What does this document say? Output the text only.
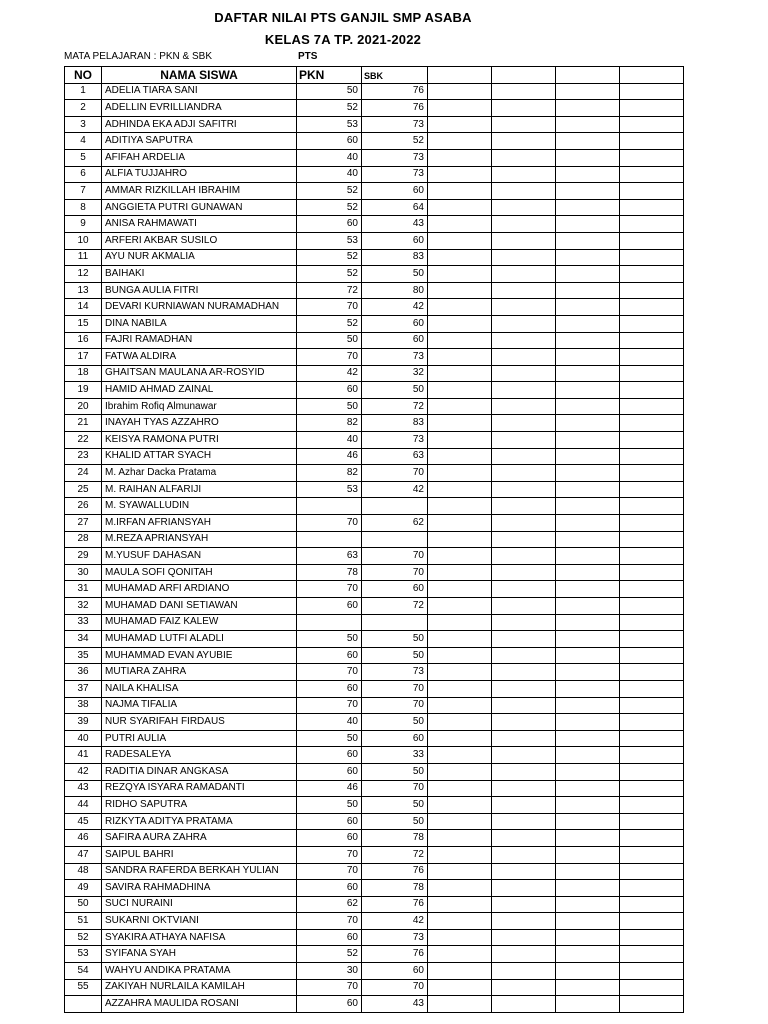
DAFTAR NILAI PTS GANJIL SMP ASABA
KELAS 7A TP. 2021-2022
MATA PELAJARAN : PKN & SBK	PTS
NO	NAMA SISWA	PKN	SBK				
1	ADELIA TIARA SANI	50	76				
2	ADELLIN EVRILLIANDRA	52	76				
3	ADHINDA EKA ADJI SAFITRI	53	73				
4	ADITIYA SAPUTRA	60	52				
5	AFIFAH ARDELIA	40	73				
6	ALFIA TUJJAHRO	40	73				
7	AMMAR RIZKILLAH IBRAHIM	52	60				
8	ANGGIETA PUTRI GUNAWAN	52	64				
9	ANISA RAHMAWATI	60	43				
10	ARFERI AKBAR SUSILO	53	60				
11	AYU NUR AKMALIA	52	83				
12	BAIHAKI	52	50				
13	BUNGA AULIA FITRI	72	80				
14	DEVARI KURNIAWAN NURAMADHAN	70	42				
15	DINA NABILA	52	60				
16	FAJRI RAMADHAN	50	60				
17	FATWA ALDIRA	70	73				
18	GHAITSAN MAULANA AR-ROSYID	42	32				
19	HAMID AHMAD ZAINAL	60	50				
20	Ibrahim Rofiq Almunawar	50	72				
21	INAYAH TYAS AZZAHRO	82	83				
22	KEISYA RAMONA PUTRI	40	73				
23	KHALID ATTAR SYACH	46	63				
24	M. Azhar Dacka Pratama	82	70				
25	M. RAIHAN ALFARIJI	53	42				
26	M. SYAWALLUDIN						
27	M.IRFAN AFRIANSYAH	70	62				
28	M.REZA APRIANSYAH						
29	M.YUSUF DAHASAN	63	70				
30	MAULA SOFI QONITAH	78	70				
31	MUHAMAD ARFI ARDIANO	70	60				
32	MUHAMAD DANI SETIAWAN	60	72				
33	MUHAMAD FAIZ KALEW						
34	MUHAMAD LUTFI ALADLI	50	50				
35	MUHAMMAD EVAN AYUBIE	60	50				
36	MUTIARA ZAHRA	70	73				
37	NAILA KHALISA	60	70				
38	NAJMA TIFALIA	70	70				
39	NUR SYARIFAH FIRDAUS	40	50				
40	PUTRI AULIA	50	60				
41	RADESALEYA	60	33				
42	RADITIA DINAR ANGKASA	60	50				
43	REZQYA ISYARA RAMADANTI	46	70				
44	RIDHO SAPUTRA	50	50				
45	RIZKYTA ADITYA PRATAMA	60	50				
46	SAFIRA AURA ZAHRA	60	78				
47	SAIPUL BAHRI	70	72				
48	SANDRA RAFERDA BERKAH YULIAN	70	76				
49	SAVIRA RAHMADHINA	60	78				
50	SUCI NURAINI	62	76				
51	SUKARNI OKTVIANI	70	42				
52	SYAKIRA ATHAYA NAFISA	60	73				
53	SYIFANA SYAH	52	76				
54	WAHYU ANDIKA PRATAMA	30	60				
55	ZAKIYAH NURLAILA KAMILAH	70	70				
	AZZAHRA MAULIDA ROSANI	60	43				
